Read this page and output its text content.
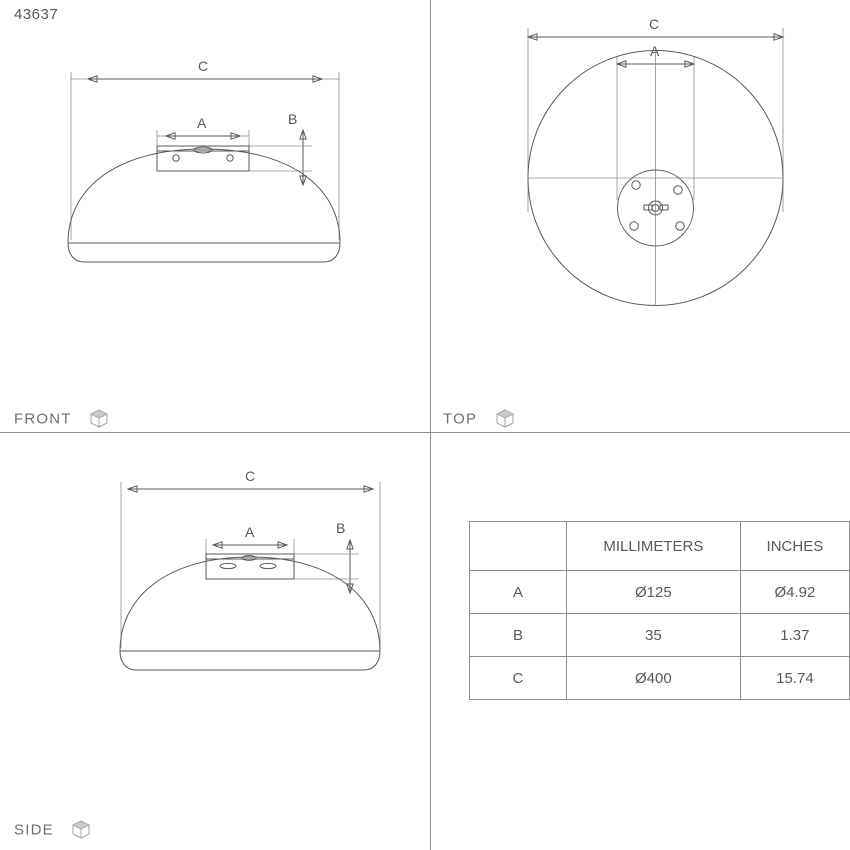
43637
C
A	B
FRONT
C
A
TOP
C
A	B
SIDE
	MILLIMETERS	INCHES
A	Ø125	Ø4.92
B	35	1.37
C	Ø400	15.74
